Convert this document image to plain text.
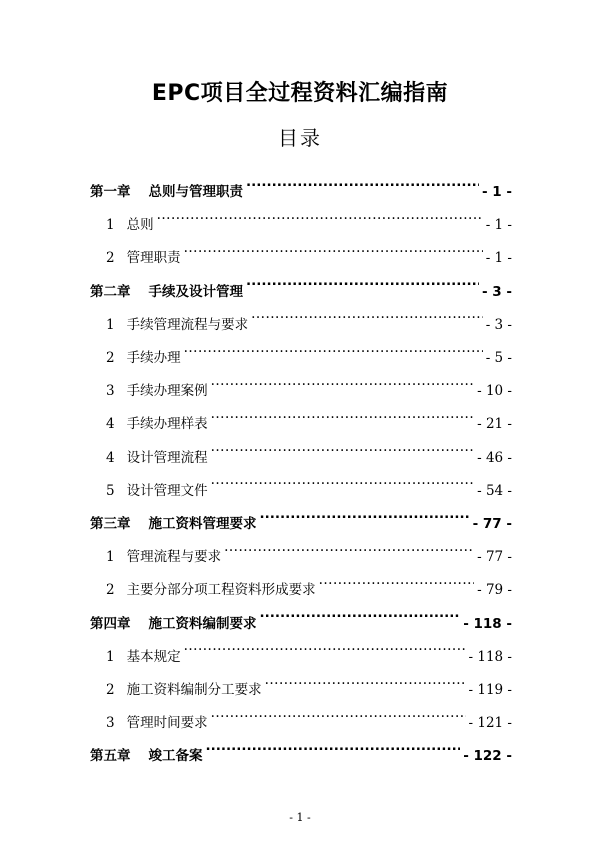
EPC项目全过程资料汇编指南
目录
第一章 总则与管理职责 .....	- 1 -
1 总则 .....	- 1 -
2 管理职责 .....	- 1 -
第二章 手续及设计管理 .....	- 3 -
1 手续管理流程与要求 .....	- 3 -
2 手续办理 .....	- 5 -
3 手续办理案例 .....	- 10 -
4 手续办理样表 .....	- 21 -
4 设计管理流程 .....	- 46 -
5 设计管理文件 .....	- 54 -
第三章 施工资料管理要求 .....	- 77 -
1 管理流程与要求 .....	- 77 -
2 主要分部分项工程资料形成要求 .....	- 79 -
第四章 施工资料编制要求 .....	- 118 -
1 基本规定 .....	- 118 -
2 施工资料编制分工要求 .....	- 119 -
3 管理时间要求 .....	- 121 -
第五章 竣工备案 .....	- 122 -
- 1 -
